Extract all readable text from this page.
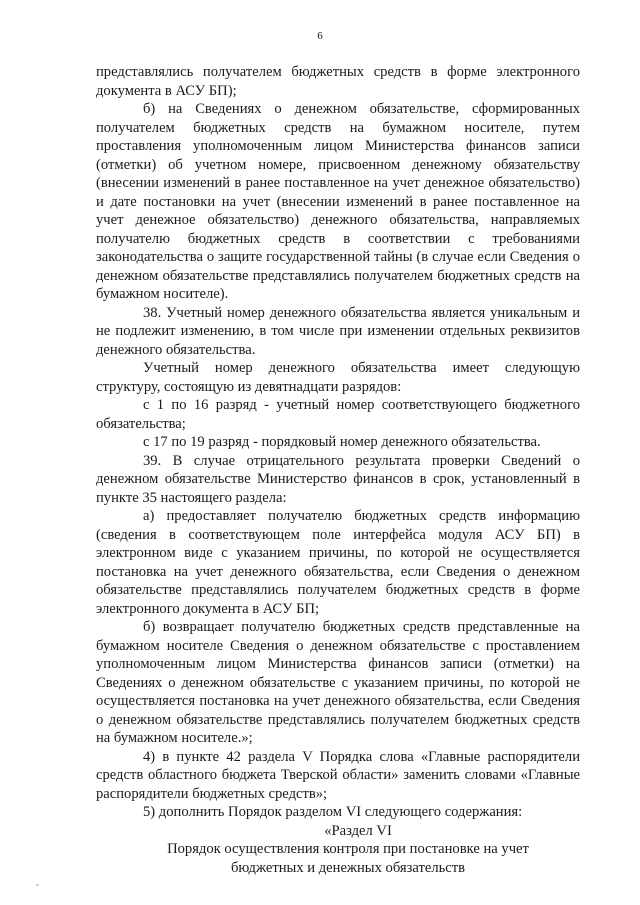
6

представлялись получателем бюджетных средств в форме электронного документа в АСУ БП);

б) на Сведениях о денежном обязательстве, сформированных получателем бюджетных средств на бумажном носителе, путем проставления уполномоченным лицом Министерства финансов записи (отметки) об учетном номере, присвоенном денежному обязательству (внесении изменений в ранее поставленное на учет денежное обязательство) и дате постановки на учет (внесении изменений в ранее поставленное на учет денежное обязательство) денежного обязательства, направляемых получателю бюджетных средств в соответствии с требованиями законодательства о защите государственной тайны (в случае если Сведения о денежном обязательстве представлялись получателем бюджетных средств на бумажном носителе).

38. Учетный номер денежного обязательства является уникальным и не подлежит изменению, в том числе при изменении отдельных реквизитов денежного обязательства.

Учетный номер денежного обязательства имеет следующую структуру, состоящую из девятнадцати разрядов:

с 1 по 16 разряд - учетный номер соответствующего бюджетного обязательства;

с 17 по 19 разряд - порядковый номер денежного обязательства.

39. В случае отрицательного результата проверки Сведений о денежном обязательстве Министерство финансов в срок, установленный в пункте 35 настоящего раздела:

а) предоставляет получателю бюджетных средств информацию (сведения в соответствующем поле интерфейса модуля АСУ БП) в электронном виде с указанием причины, по которой не осуществляется постановка на учет денежного обязательства, если Сведения о денежном обязательстве представлялись получателем бюджетных средств в форме электронного документа в АСУ БП;

б) возвращает получателю бюджетных средств представленные на бумажном носителе Сведения о денежном обязательстве с проставлением уполномоченным лицом Министерства финансов записи (отметки) на Сведениях о денежном обязательстве с указанием причины, по которой не осуществляется постановка на учет денежного обязательства, если Сведения о денежном обязательстве представлялись получателем бюджетных средств на бумажном носителе.»;

4) в пункте 42 раздела V Порядка слова «Главные распорядители средств областного бюджета Тверской области» заменить словами «Главные распорядители бюджетных средств»;

5) дополнить Порядок разделом VI следующего содержания:

«Раздел VI

Порядок осуществления контроля при постановке на учет
бюджетных и денежных обязательств
